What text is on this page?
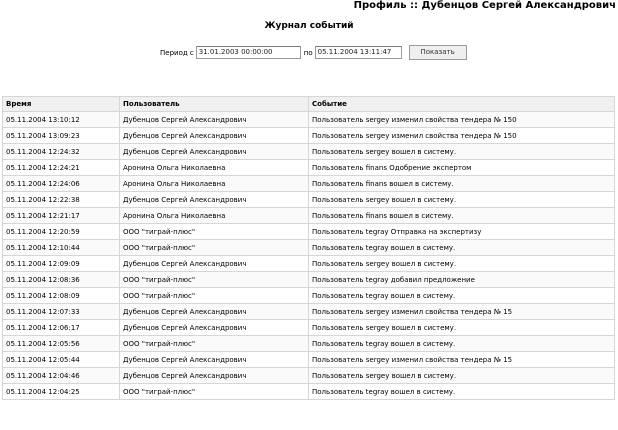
Профиль :: Дубенцов Сергей Александрович
Журнал событий
Период с 31.01.2003 00:00:00	по 05.11.2004 13:11:47	Показать
Время	Пользователь	Событие
05.11.2004 13:10:12	Дубенцов Сергей Александрович	Пользователь sergey изменил свойства тендера № 150
05.11.2004 13:09:23	Дубенцов Сергей Александрович	Пользователь sergey изменил свойства тендера № 150
05.11.2004 12:24:32	Дубенцов Сергей Александрович	Пользователь sergey вошел в систему.
05.11.2004 12:24:21	Аронина Ольга Николаевна	Пользователь finans Одобрение экспертом
05.11.2004 12:24:06	Аронина Ольга Николаевна	Пользователь finans вошел в систему.
05.11.2004 12:22:38	Дубенцов Сергей Александрович	Пользователь sergey вошел в систему.
05.11.2004 12:21:17	Аронина Ольга Николаевна	Пользователь finans вошел в систему.
05.11.2004 12:20:59	ООО "тиграй-плюс"	Пользователь tegray Отправка на экспертизу
05.11.2004 12:10:44	ООО "тиграй-плюс"	Пользователь tegray вошел в систему.
05.11.2004 12:09:09	Дубенцов Сергей Александрович	Пользователь sergey вошел в систему.
05.11.2004 12:08:36	ООО "тиграй-плюс"	Пользователь tegray добавил предложение
05.11.2004 12:08:09	ООО "тиграй-плюс"	Пользователь tegray вошел в систему.
05.11.2004 12:07:33	Дубенцов Сергей Александрович	Пользователь sergey изменил свойства тендера № 15
05.11.2004 12:06:17	Дубенцов Сергей Александрович	Пользователь sergey вошел в систему.
05.11.2004 12:05:56	ООО "тиграй-плюс"	Пользователь tegray вошел в систему.
05.11.2004 12:05:44	Дубенцов Сергей Александрович	Пользователь sergey изменил свойства тендера № 15
05.11.2004 12:04:46	Дубенцов Сергей Александрович	Пользователь sergey вошел в систему.
05.11.2004 12:04:25	ООО "тиграй-плюс"	Пользователь tegray вошел в систему.
